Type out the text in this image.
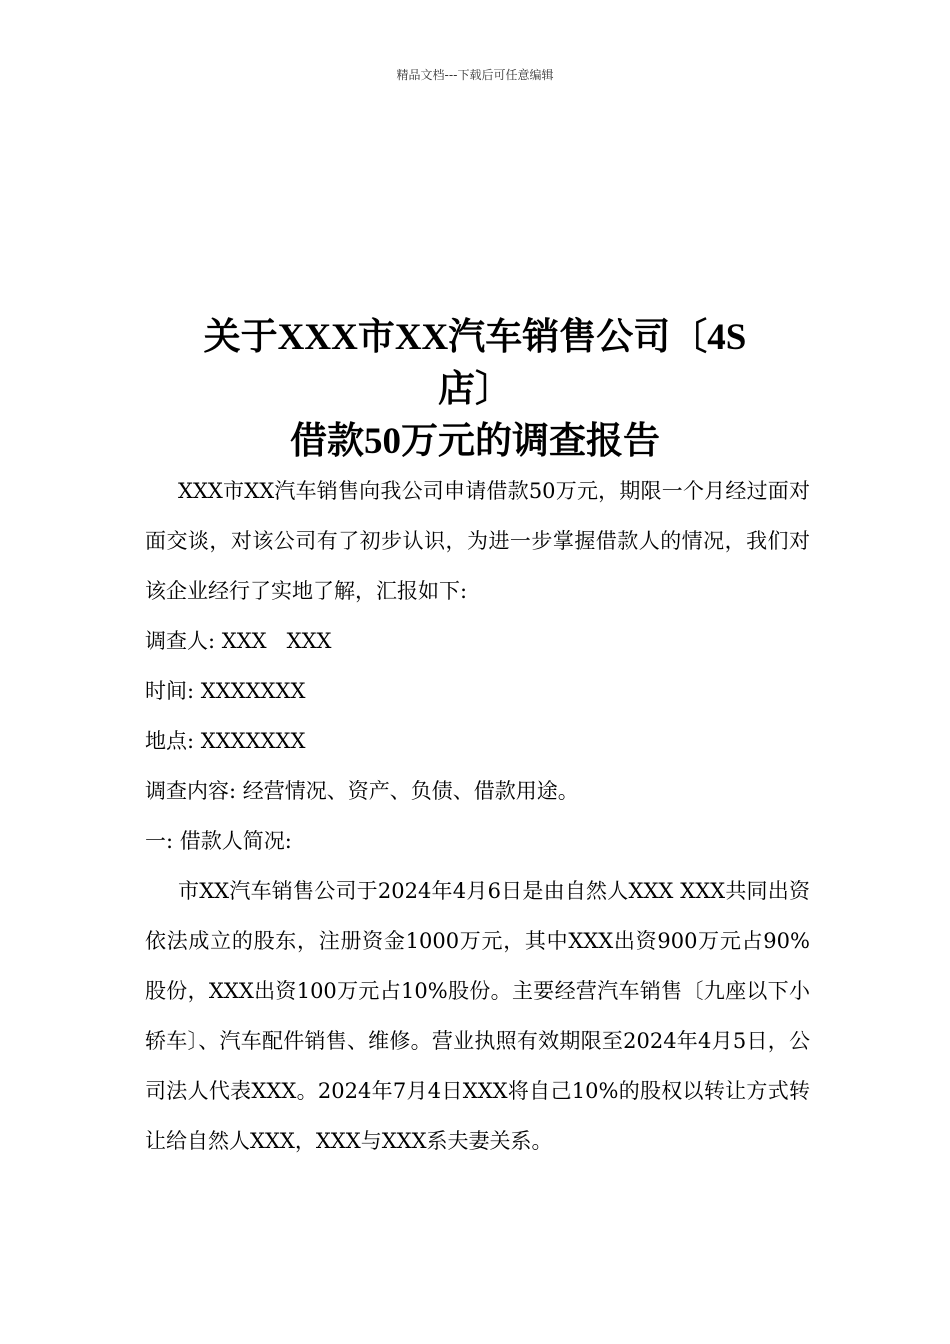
精品文档---下载后可任意编辑
关于XXX市XX汽车销售公司〔4S
店〕
借款50万元的调查报告

XXX市XX汽车销售向我公司申请借款50万元，期限一个月经过面对面交谈，对该公司有了初步认识，为进一步掌握借款人的情况，我们对该企业经行了实地了解，汇报如下:

调查人: XXX   XXX

时间: XXXXXXX

地点: XXXXXXX

调查内容: 经营情况、资产、负债、借款用途。

一: 借款人简况:

市XX汽车销售公司于2024年4月6日是由自然人XXX XXX共同出资依法成立的股东，注册资金1000万元，其中XXX出资900万元占90%股份，XXX出资100万元占10%股份。主要经营汽车销售〔九座以下小轿车〕、汽车配件销售、维修。营业执照有效期限至2024年4月5日，公司法人代表XXX。2024年7月4日XXX将自己10%的股权以转让方式转让给自然人XXX，XXX与XXX系夫妻关系。
